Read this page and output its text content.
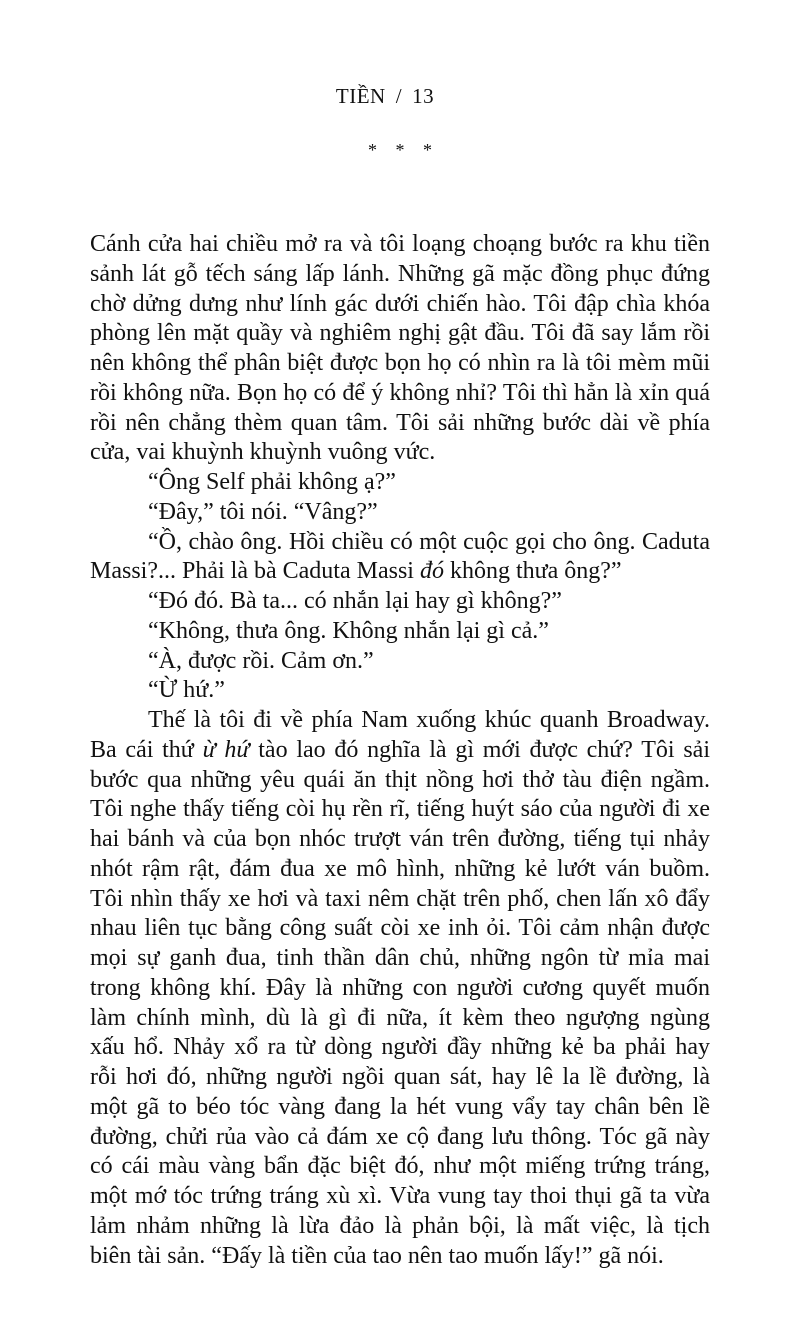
TIỀN / 13
* * *
Cánh cửa hai chiều mở ra và tôi loạng choạng bước ra khu tiền
sảnh lát gỗ tếch sáng lấp lánh. Những gã mặc đồng phục đứng
chờ dửng dưng như lính gác dưới chiến hào. Tôi đập chìa khóa
phòng lên mặt quầy và nghiêm nghị gật đầu. Tôi đã say lắm rồi
nên không thể phân biệt được bọn họ có nhìn ra là tôi mèm mũi
rồi không nữa. Bọn họ có để ý không nhỉ? Tôi thì hẳn là xỉn quá
rồi nên chẳng thèm quan tâm. Tôi sải những bước dài về phía
cửa, vai khuỳnh khuỳnh vuông vức.
“Ông Self phải không ạ?”
“Đây,” tôi nói. “Vâng?”
“Ồ, chào ông. Hồi chiều có một cuộc gọi cho ông. Caduta
Massi?... Phải là bà Caduta Massi đó không thưa ông?”
“Đó đó. Bà ta... có nhắn lại hay gì không?”
“Không, thưa ông. Không nhắn lại gì cả.”
“À, được rồi. Cảm ơn.”
“Ừ hứ.”
Thế là tôi đi về phía Nam xuống khúc quanh Broadway.
Ba cái thứ ừ hứ tào lao đó nghĩa là gì mới được chứ? Tôi sải
bước qua những yêu quái ăn thịt nồng hơi thở tàu điện ngầm.
Tôi nghe thấy tiếng còi hụ rền rĩ, tiếng huýt sáo của người đi xe
hai bánh và của bọn nhóc trượt ván trên đường, tiếng tụi nhảy
nhót rậm rật, đám đua xe mô hình, những kẻ lướt ván buồm.
Tôi nhìn thấy xe hơi và taxi nêm chặt trên phố, chen lấn xô đẩy
nhau liên tục bằng công suất còi xe inh ỏi. Tôi cảm nhận được
mọi sự ganh đua, tinh thần dân chủ, những ngôn từ mỉa mai
trong không khí. Đây là những con người cương quyết muốn
làm chính mình, dù là gì đi nữa, ít kèm theo ngượng ngùng
xấu hổ. Nhảy xổ ra từ dòng người đầy những kẻ ba phải hay
rỗi hơi đó, những người ngồi quan sát, hay lê la lề đường, là
một gã to béo tóc vàng đang la hét vung vẩy tay chân bên lề
đường, chửi rủa vào cả đám xe cộ đang lưu thông. Tóc gã này
có cái màu vàng bẩn đặc biệt đó, như một miếng trứng tráng,
một mớ tóc trứng tráng xù xì. Vừa vung tay thoi thụi gã ta vừa
lảm nhảm những là lừa đảo là phản bội, là mất việc, là tịch
biên tài sản. “Đấy là tiền của tao nên tao muốn lấy!” gã nói.
